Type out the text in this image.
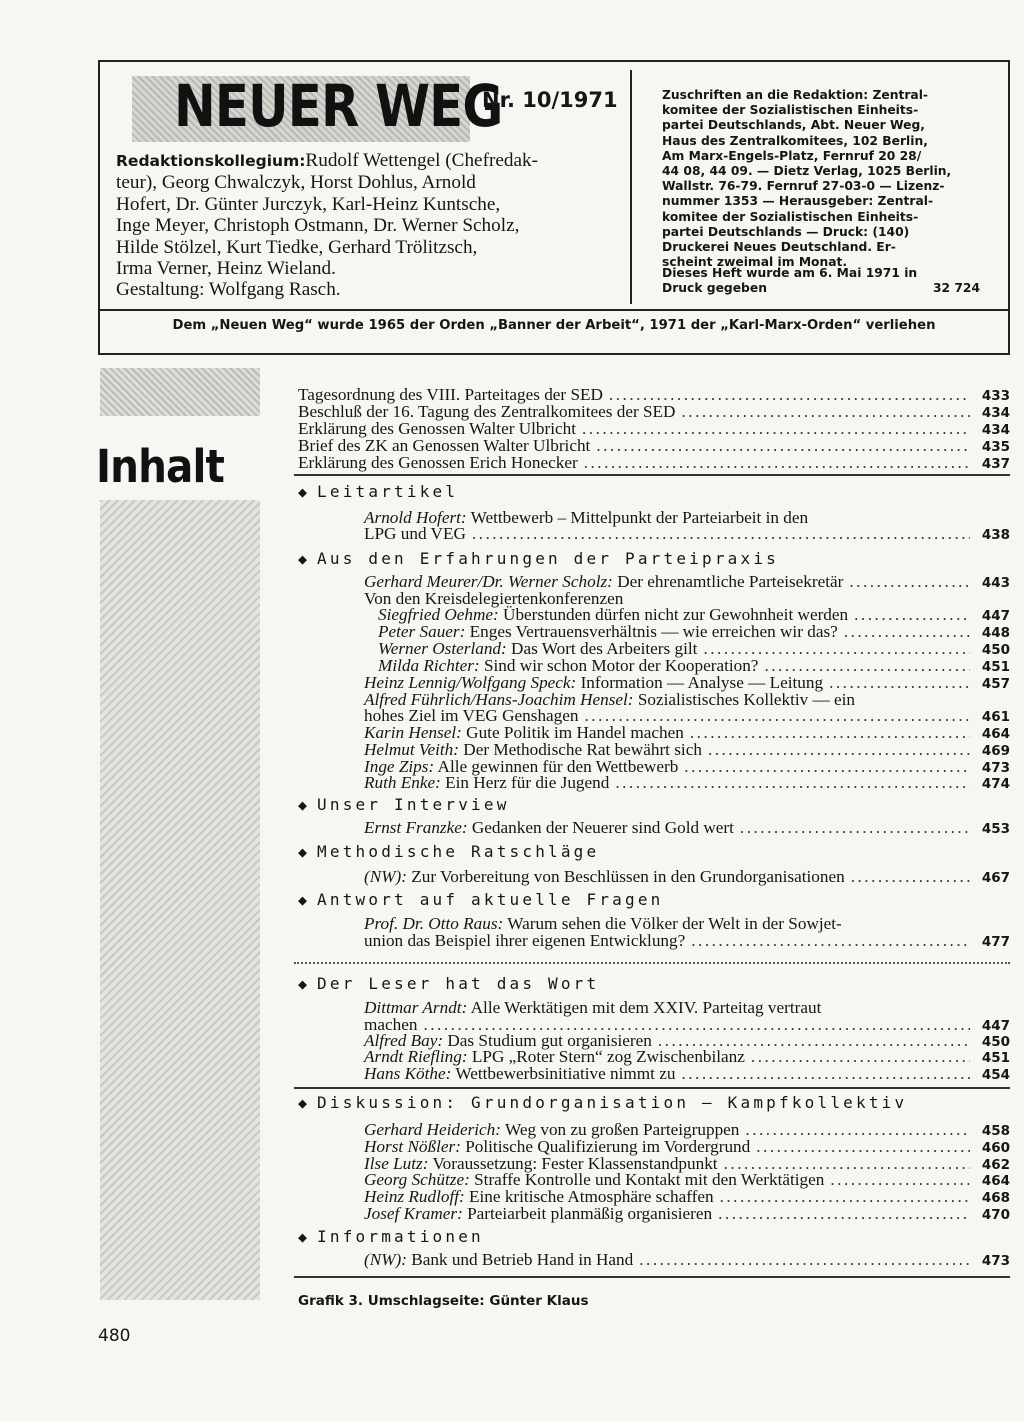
NEUER WEG
Nr. 10/1971
Redaktionskollegium:Rudolf Wettengel (Chefredak-
teur), Georg Chwalczyk, Horst Dohlus, Arnold
Hofert, Dr. Günter Jurczyk, Karl-Heinz Kuntsche,
Inge Meyer, Christoph Ostmann, Dr. Werner Scholz,
Hilde Stölzel, Kurt Tiedke, Gerhard Trölitzsch,
Irma Verner, Heinz Wieland.
Gestaltung: Wolfgang Rasch.
Zuschriften an die Redaktion: Zentral-
komitee der Sozialistischen Einheits-
partei Deutschlands, Abt. Neuer Weg,
Haus des Zentralkomitees, 102 Berlin,
Am Marx-Engels-Platz, Fernruf 20 28/
44 08, 44 09. — Dietz Verlag, 1025 Berlin,
Wallstr. 76-79. Fernruf 27-03-0 — Lizenz-
nummer 1353 — Herausgeber: Zentral-
komitee der Sozialistischen Einheits-
partei Deutschlands — Druck: (140)
Druckerei Neues Deutschland. Er-
scheint zweimal im Monat.
Dieses Heft wurde am 6. Mai 1971 in
Druck gegeben	32 724
Dem „Neuen Weg“ wurde 1965 der Orden „Banner der Arbeit“, 1971 der „Karl-Marx-Orden“ verliehen
Inhalt
480
Tagesordnung des VIII. Parteitages der SED .....	433
Beschluß der 16. Tagung des Zentralkomitees der SED .....	434
Erklärung des Genossen Walter Ulbricht .....	434
Brief des ZK an Genossen Walter Ulbricht .....	435
Erklärung des Genossen Erich Honecker .....	437
◆ Leitartikel
Arnold Hofert: Wettbewerb – Mittelpunkt der Parteiarbeit in den
LPG und VEG .....	438
◆ Aus den Erfahrungen der Parteipraxis
Gerhard Meurer/Dr. Werner Scholz: Der ehrenamtliche Parteisekretär .....	443
Von den Kreisdelegiertenkonferenzen
Siegfried Oehme: Überstunden dürfen nicht zur Gewohnheit werden .....	447
Peter Sauer: Enges Vertrauensverhältnis — wie erreichen wir das? .....	448
Werner Osterland: Das Wort des Arbeiters gilt .....	450
Milda Richter: Sind wir schon Motor der Kooperation? .....	451
Heinz Lennig/Wolfgang Speck: Information — Analyse — Leitung .....	457
Alfred Führlich/Hans-Joachim Hensel: Sozialistisches Kollektiv — ein
hohes Ziel im VEG Genshagen .....	461
Karin Hensel: Gute Politik im Handel machen .....	464
Helmut Veith: Der Methodische Rat bewährt sich .....	469
Inge Zips: Alle gewinnen für den Wettbewerb .....	473
Ruth Enke: Ein Herz für die Jugend .....	474
◆ Unser Interview
Ernst Franzke: Gedanken der Neuerer sind Gold wert .....	453
◆ Methodische Ratschläge
(NW): Zur Vorbereitung von Beschlüssen in den Grundorganisationen .....	467
◆ Antwort auf aktuelle Fragen
Prof. Dr. Otto Raus: Warum sehen die Völker der Welt in der Sowjet-
union das Beispiel ihrer eigenen Entwicklung? .....	477
◆ Der Leser hat das Wort
Dittmar Arndt: Alle Werktätigen mit dem XXIV. Parteitag vertraut
machen .....	447
Alfred Bay: Das Studium gut organisieren .....	450
Arndt Riefling: LPG „Roter Stern“ zog Zwischenbilanz .....	451
Hans Köthe: Wettbewerbsinitiative nimmt zu .....	454
◆ Diskussion: Grundorganisation — Kampfkollektiv
Gerhard Heiderich: Weg von zu großen Parteigruppen .....	458
Horst Nößler: Politische Qualifizierung im Vordergrund .....	460
Ilse Lutz: Voraussetzung: Fester Klassenstandpunkt .....	462
Georg Schütze: Straffe Kontrolle und Kontakt mit den Werktätigen .....	464
Heinz Rudloff: Eine kritische Atmosphäre schaffen .....	468
Josef Kramer: Parteiarbeit planmäßig organisieren .....	470
◆ Informationen
(NW): Bank und Betrieb Hand in Hand .....	473
Grafik 3. Umschlagseite: Günter Klaus
